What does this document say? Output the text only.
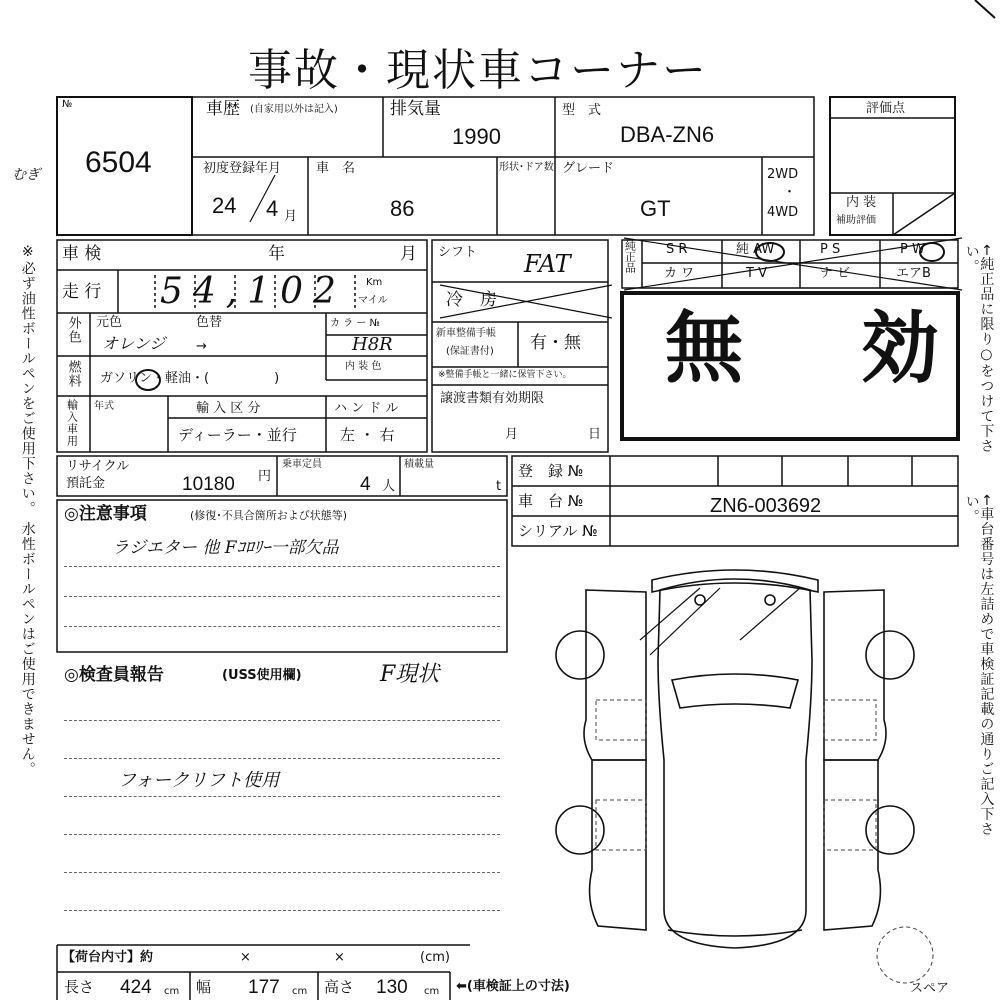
事故・現状車コーナー
№
6504
むぎ
車歴 (自家用以外は記入)	排気量
1990
型　式
DBA-ZN6
評価点
内 装
補助評価
初度登録年月
24 4 月
車　名
86
形状･ドア数 グレード
GT
2WD
・
4WD
車 検	年	月
走 行 54,102 Km
マイル
外色 元色	色替	カ ラ ー №
オレンジ →	H8R
内 装 色
燃料 ガソリン・軽油・(　　　　　)
輸入車用 年式	輸 入 区 分	ハ ン ド ル
ディーラー・並行	左 ・ 右
シフト FAT
冷　房
新車整備手帳
(保証書付) 有・無
※整備手帳と一緒に保管下さい。
譲渡書類有効期限
月	日
純正品 S R	純 AW	P S	P W
カ ワ	T V	ナ ビ	エアB
無　効
リサイクル
預託金	10180 円
乗車定員
4 人
積載量
t
登　録 №
車　台 №	ZN6-003692
シリアル №
◎注意事項	(修復･不具合箇所および状態等)
ラジエター 他 Fｺﾛﾘｰ一部欠品
◎検査員報告	(USS使用欄)	F現状
フォークリフト使用
※必ず油性ボールペンをご使用下さい。 水性ボールペンはご使用できません。	←純正品に限り○をつけて下さい。
←車台番号は左詰めで車検証記載の通りご記入下さい。
【荷台内寸】約	×	×	(cm)
長さ 424 cm 幅 177 cm 高さ 130 cm ⬅(車検証上の寸法)	スペア
